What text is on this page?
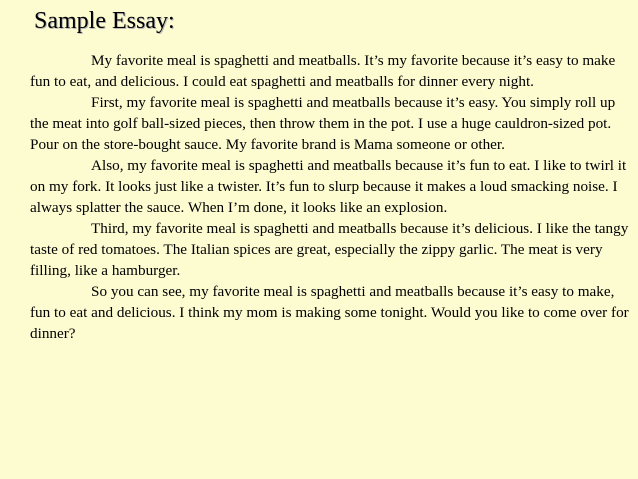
Sample Essay:

My favorite meal is spaghetti and meatballs. It’s my favorite because it’s easy to make fun to eat, and delicious. I could eat spaghetti and meatballs for dinner every night.

First, my favorite meal is spaghetti and meatballs because it’s easy. You simply roll up the meat into golf ball-sized pieces, then throw them in the pot. I use a huge cauldron-sized pot. Pour on the store-bought sauce. My favorite brand is Mama someone or other.

Also, my favorite meal is spaghetti and meatballs because it’s fun to eat. I like to twirl it on my fork. It looks just like a twister. It’s fun to slurp because it makes a loud smacking noise. I always splatter the sauce. When I’m done, it looks like an explosion.

Third, my favorite meal is spaghetti and meatballs because it’s delicious. I like the tangy taste of red tomatoes. The Italian spices are great, especially the zippy garlic. The meat is very filling, like a hamburger.

So you can see, my favorite meal is spaghetti and meatballs because it’s easy to make, fun to eat and delicious. I think my mom is making some tonight. Would you like to come over for dinner?
